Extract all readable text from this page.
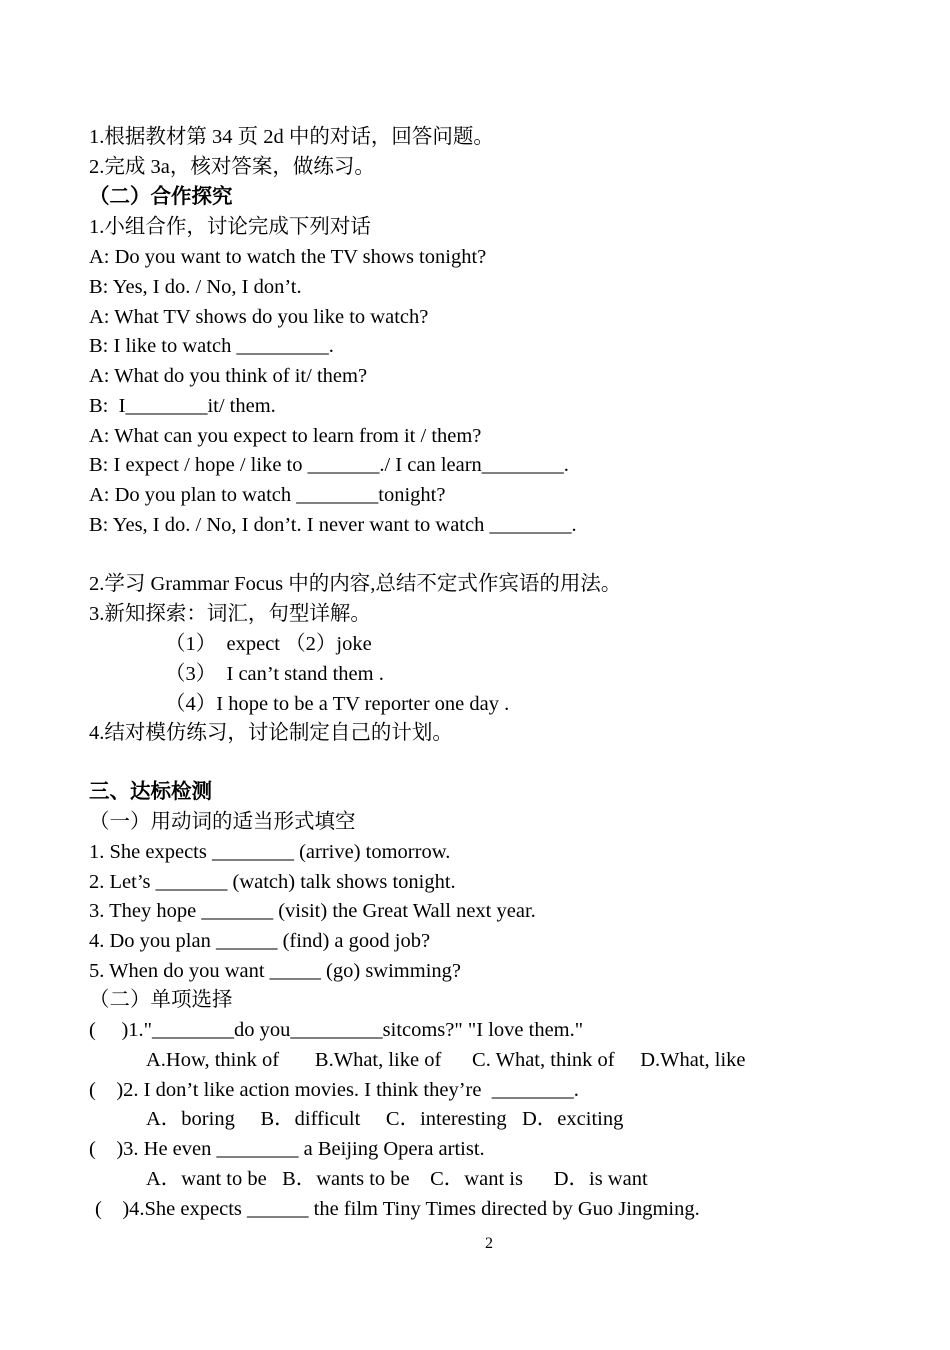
1.根据教材第 34 页 2d 中的对话，回答问题。
2.完成 3a，核对答案，做练习。
（二）合作探究
1.小组合作，讨论完成下列对话
A: Do you want to watch the TV shows tonight?
B: Yes, I do. / No, I don’t.
A: What TV shows do you like to watch?
B: I like to watch _________.
A: What do you think of it/ them?
B:  I________it/ them.
A: What can you expect to learn from it / them?
B: I expect / hope / like to _______./ I can learn________.
A: Do you plan to watch ________tonight?
B: Yes, I do. / No, I don’t. I never want to watch ________.
2.学习 Grammar Focus 中的内容,总结不定式作宾语的用法。
3.新知探索：词汇，句型详解。
（1）  expect （2）joke
（3）  I can’t stand them .
（4）I hope to be a TV reporter one day .
4.结对模仿练习，讨论制定自己的计划。
三、达标检测
（一）用动词的适当形式填空
1. She expects ________ (arrive) tomorrow.
2. Let’s _______ (watch) talk shows tonight.
3. They hope _______ (visit) the Great Wall next year.
4. Do you plan ______ (find) a good job?
5. When do you want _____ (go) swimming?
（二）单项选择
(     )1."________do you_________sitcoms?" "I love them."
A.How, think of       B.What, like of      C. What, think of     D.What, like
(    )2. I don’t like action movies. I think they’re  ________.
A．boring     B．difficult     C．interesting   D．exciting
(    )3. He even ________ a Beijing Opera artist.
A．want to be   B．wants to be    C．want is      D．is want
(    )4.She expects ______ the film Tiny Times directed by Guo Jingming.
2
